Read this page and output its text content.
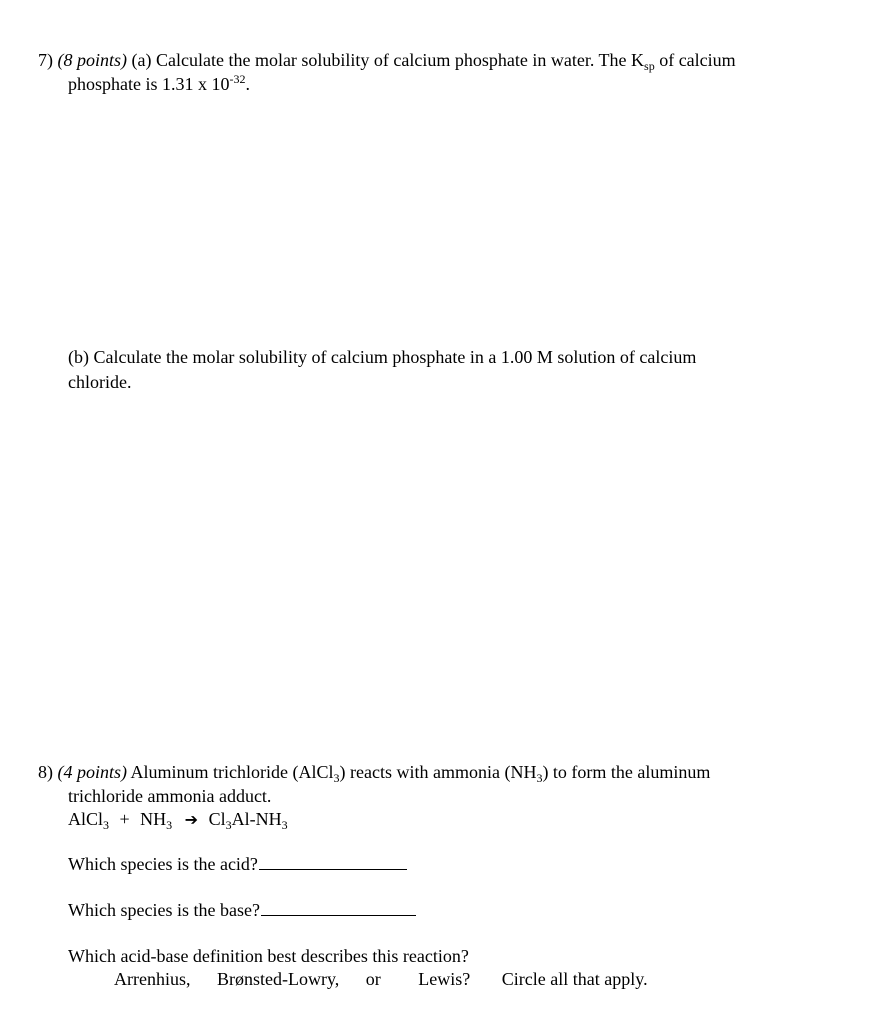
7) (8 points) (a) Calculate the molar solubility of calcium phosphate in water. The $K_{sp}$ of calcium
phosphate is 1.31 x $10^{-32}$.
(b) Calculate the molar solubility of calcium phosphate in a 1.00 M solution of calcium
chloride.
8) (4 points) Aluminum trichloride (AlCl$_3$) reacts with ammonia $(NH_3)$ to form the aluminum
trichloride ammonia adduct.
AlCl$_3$ + $NH_3$ ➔ $Cl_3Al-NH_3$
Which species is the acid?
Which species is the base?
Which acid-base definition best describes this reaction?
Arrenhius, Brønsted-Lowry, or Lewis? Circle all that apply.
